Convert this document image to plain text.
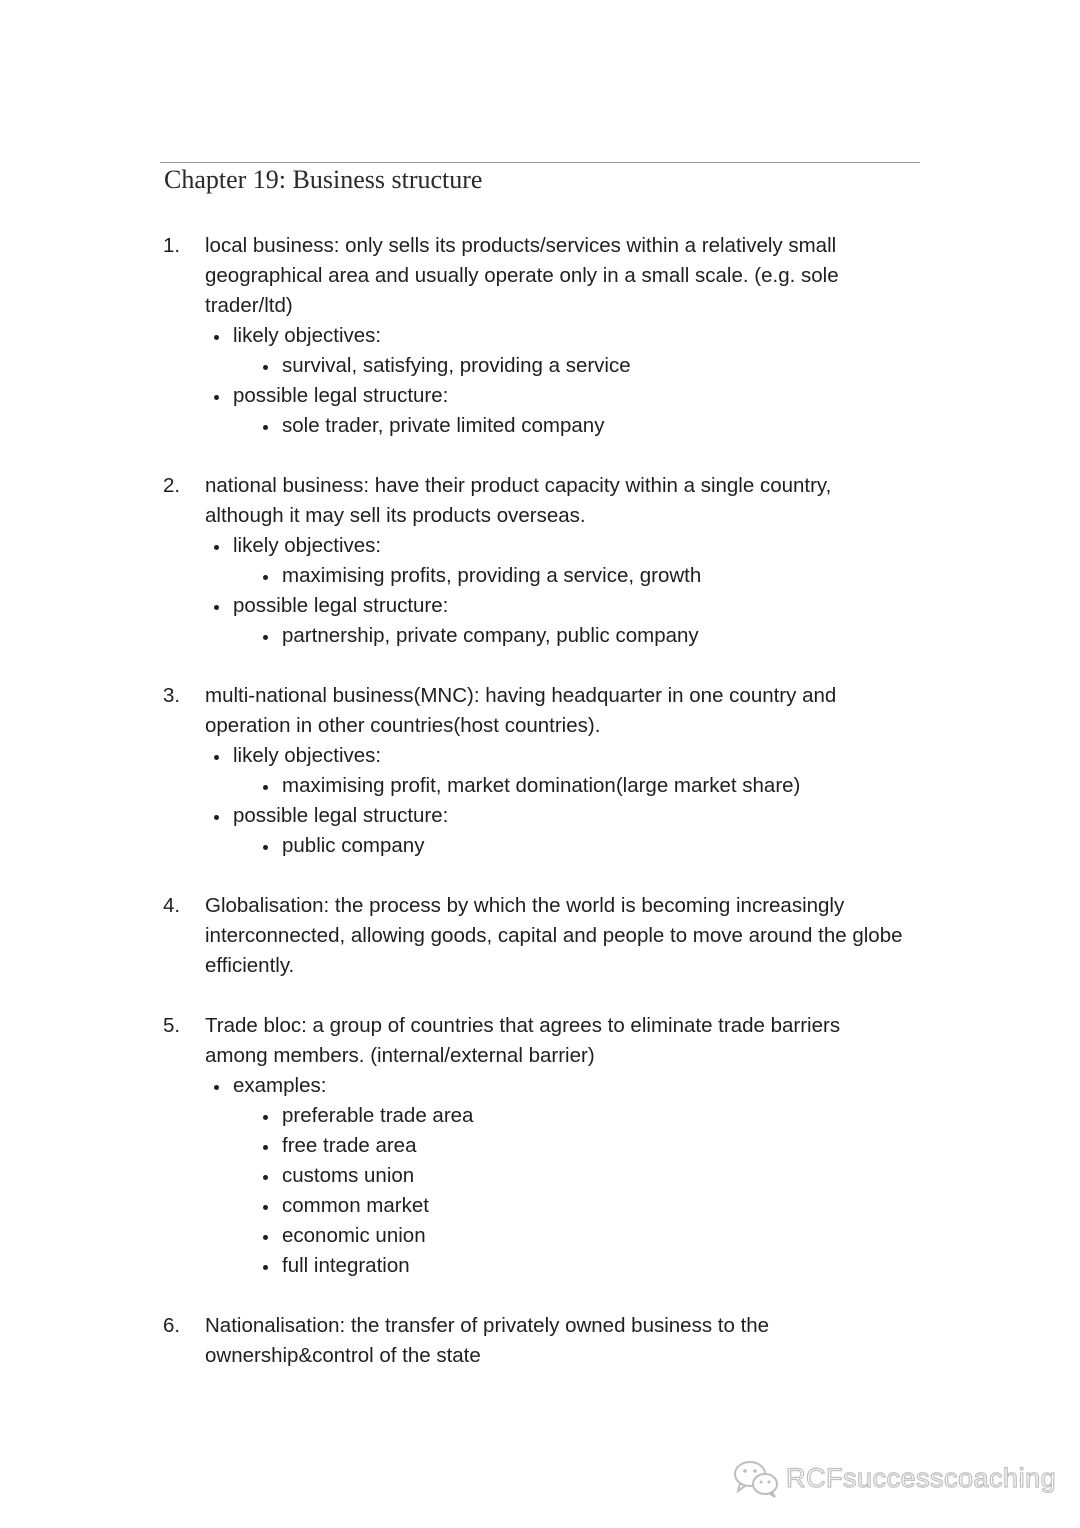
Chapter 19: Business structure
1.	local business: only sells its products/services within a relatively small geographical area and usually operate only in a small scale. (e.g. sole trader/ltd)
likely objectives:
survival, satisfying, providing a service
possible legal structure:
sole trader, private limited company
2.	national business: have their product capacity within a single country, although it may sell its products overseas.
likely objectives:
maximising profits, providing a service, growth
possible legal structure:
partnership, private company, public company
3.	multi-national business(MNC): having headquarter in one country and operation in other countries(host countries).
likely objectives:
maximising profit, market domination(large market share)
possible legal structure:
public company
4.	Globalisation: the process by which the world is becoming increasingly interconnected, allowing goods, capital and people to move around the globe efficiently.
5.	Trade bloc: a group of countries that agrees to eliminate trade barriers among members. (internal/external barrier)
examples:
preferable trade area
free trade area
customs union
common market
economic union
full integration
6.	Nationalisation: the transfer of privately owned business to the ownership&control of the state
RCFsuccesscoaching
